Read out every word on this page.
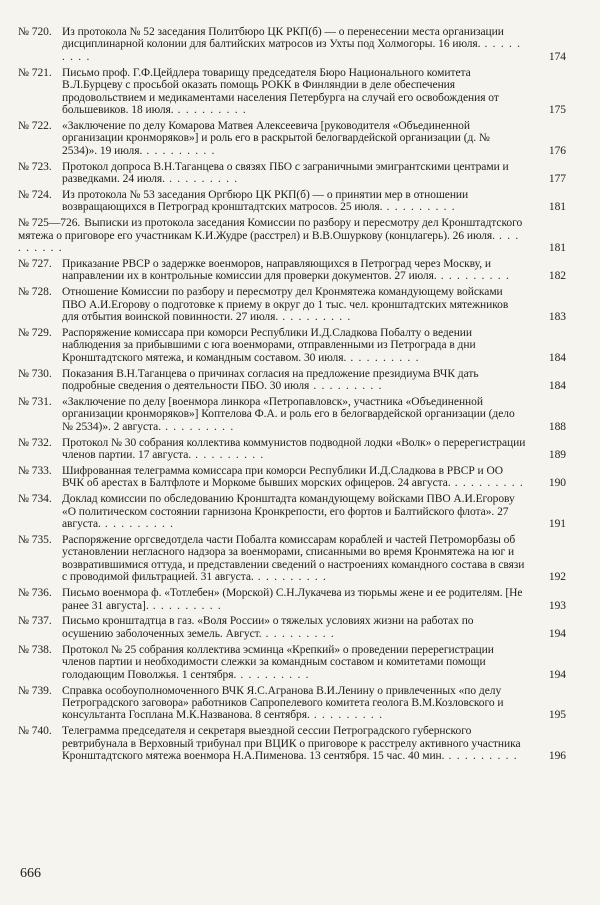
№ 720. Из протокола № 52 заседания Политбюро ЦК РКП(б) — о перенесении места организации дисциплинарной колонии для балтийских матросов из Ухты под Холмогоры. 16 июля. . . . . . . . . .	174
№ 721. Письмо проф. Г.Ф.Цейдлера товарищу председателя Бюро Национального комитета В.Л.Бурцеву с просьбой оказать помощь РОКК в Финляндии в деле обеспечения продовольствием и медикаментами населения Петербурга на случай его освобождения от большевиков. 18 июля. . . . . . . . . .	175
№ 722. «Заключение по делу Комарова Матвея Алексеевича [руководителя «Объединенной организации кронморяков»] и роль его в раскрытой белогвардейской организации (д. № 2534)». 19 июля. . . . . . . . . .	176
№ 723. Протокол допроса В.Н.Таганцева о связях ПБО с заграничными эмигрантскими центрами и разведками. 24 июля. . . . . . . . . .	177
№ 724. Из протокола № 53 заседания Оргбюро ЦК РКП(б) — о принятии мер в отношении возвращающихся в Петроград кронштадтских матросов. 25 июля. . . . . . . . . .	181
№ 725—726. Выписки из протокола заседания Комиссии по разбору и пересмотру дел Кронштадтского мятежа о приговоре его участникам К.И.Жудре (расстрел) и В.В.Ошуркову (концлагерь). 26 июля. . . . . . . . . .	181
№ 727. Приказание РВСР о задержке военморов, направляющихся в Петроград через Москву, и направлении их в контрольные комиссии для проверки документов. 27 июля. . . . . . . . . .	182
№ 728. Отношение Комиссии по разбору и пересмотру дел Кронмятежа командующему войсками ПВО А.И.Егорову о подготовке к приему в округ до 1 тыс. чел. кронштадтских мятежников для отбытия воинской повинности. 27 июля. . . . . . . . . .	183
№ 729. Распоряжение комиссара при коморси Республики И.Д.Сладкова Побалту о ведении наблюдения за прибывшими с юга военморами, отправленными из Петрограда в дни Кронштадтского мятежа, и командным составом. 30 июля. . . . . . . . . .	184
№ 730. Показания В.Н.Таганцева о причинах согласия на предложение президиума ВЧК дать подробные сведения о деятельности ПБО. 30 июля . . . . . . . . .	184
№ 731. «Заключение по делу [военмора линкора «Петропавловск», участника «Объединенной организации кронморяков»] Коптелова Ф.А. и роль его в белогвардейской организации (дело № 2534)». 2 августа. . . . . . . . . .	188
№ 732. Протокол № 30 собрания коллектива коммунистов подводной лодки «Волк» о перерегистрации членов партии. 17 августа. . . . . . . . . .	189
№ 733. Шифрованная телеграмма комиссара при коморси Республики И.Д.Сладкова в РВСР и ОО ВЧК об арестах в Балтфлоте и Моркоме бывших морских офицеров. 24 августа. . . . . . . . . . 190
№ 734. Доклад комиссии по обследованию Кронштадта командующему войсками ПВО А.И.Егорову «О политическом состоянии гарнизона Кронкрепости, его фортов и Балтийского флота». 27 августа. . . . . . . . . .	191
№ 735. Распоряжение оргсведотдела части Побалта комиссарам кораблей и частей Петроморбазы об установлении негласного надзора за военморами, списанными во время Кронмятежа на юг и возвратившимися оттуда, и представлении сведений о настроениях командного состава в связи с проводимой фильтрацией. 31 августа. . . . . . . . . .	192
№ 736. Письмо военмора ф. «Тотлебен» (Морской) С.Н.Лукачева из тюрьмы жене и ее родителям. [Не ранее 31 августа]. . . . . . . . . .	193
№ 737. Письмо кронштадтца в газ. «Воля России» о тяжелых условиях жизни на работах по осушению заболоченных земель. Август. . . . . . . . . .	194
№ 738. Протокол № 25 собрания коллектива эсминца «Крепкий» о проведении перерегистрации членов партии и необходимости слежки за командным составом и комитетами помощи голодающим Поволжья. 1 сентября. . . . . . . . . .	194
№ 739. Справка особоуполномоченного ВЧК Я.С.Агранова В.И.Ленину о привлеченных «по делу Петроградского заговора» работников Сапропелевого комитета геолога В.М.Козловского и консультанта Госплана М.К.Названова. 8 сентября. . . . . . . . . .	195
№ 740. Телеграмма председателя и секретаря выездной сессии Петроградского губернского ревтрибунала в Верховный трибунал при ВЦИК о приговоре к расстрелу активного участника Кронштадтского мятежа военмора Н.А.Пименова. 13 сентября. 15 час. 40 мин. . . . . . . . . .	196
666
